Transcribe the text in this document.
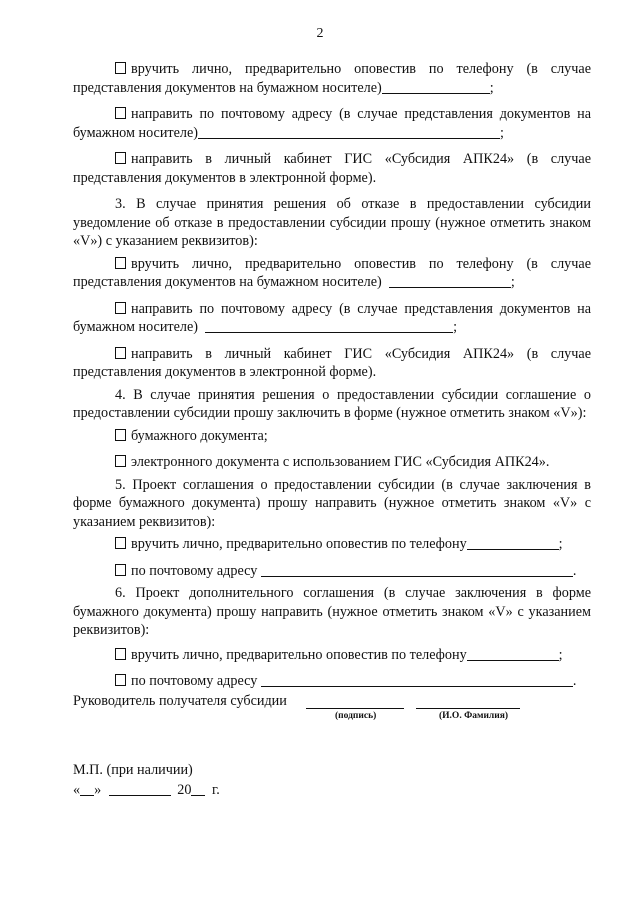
2

вручить лично, предварительно оповестив по телефону (в случае представления документов на бумажном носителе)	;

направить по почтовому адресу (в случае представления документов на бумажном носителе)	;

направить в личный кабинет ГИС «Субсидия АПК24» (в случае представления документов в электронной форме).

3. В случае принятия решения об отказе в предоставлении субсидии уведомление об отказе в предоставлении субсидии прошу (нужное отметить знаком «V») с указанием реквизитов):

вручить лично, предварительно оповестив по телефону (в случае представления документов на бумажном носителе)	;

направить по почтовому адресу (в случае представления документов на бумажном носителе)	;

направить в личный кабинет ГИС «Субсидия АПК24» (в случае представления документов в электронной форме).

4. В случае принятия решения о предоставлении субсидии соглашение о предоставлении субсидии прошу заключить в форме (нужное отметить знаком «V»):

бумажного документа;

электронного документа с использованием ГИС «Субсидия АПК24».

5. Проект соглашения о предоставлении субсидии (в случае заключения в форме бумажного документа) прошу направить (нужное отметить знаком «V» с указанием реквизитов):

вручить лично, предварительно оповестив по телефону	;

по почтовому адресу	.

6. Проект дополнительного соглашения (в случае заключения в форме бумажного документа) прошу направить (нужное отметить знаком «V» с указанием реквизитов):

вручить лично, предварительно оповестив по телефону	;

по почтовому адресу	.

Руководитель получателя субсидии
(подпись)	(И.О. Фамилия)
М.П. (при наличии)
« »	20 г.
